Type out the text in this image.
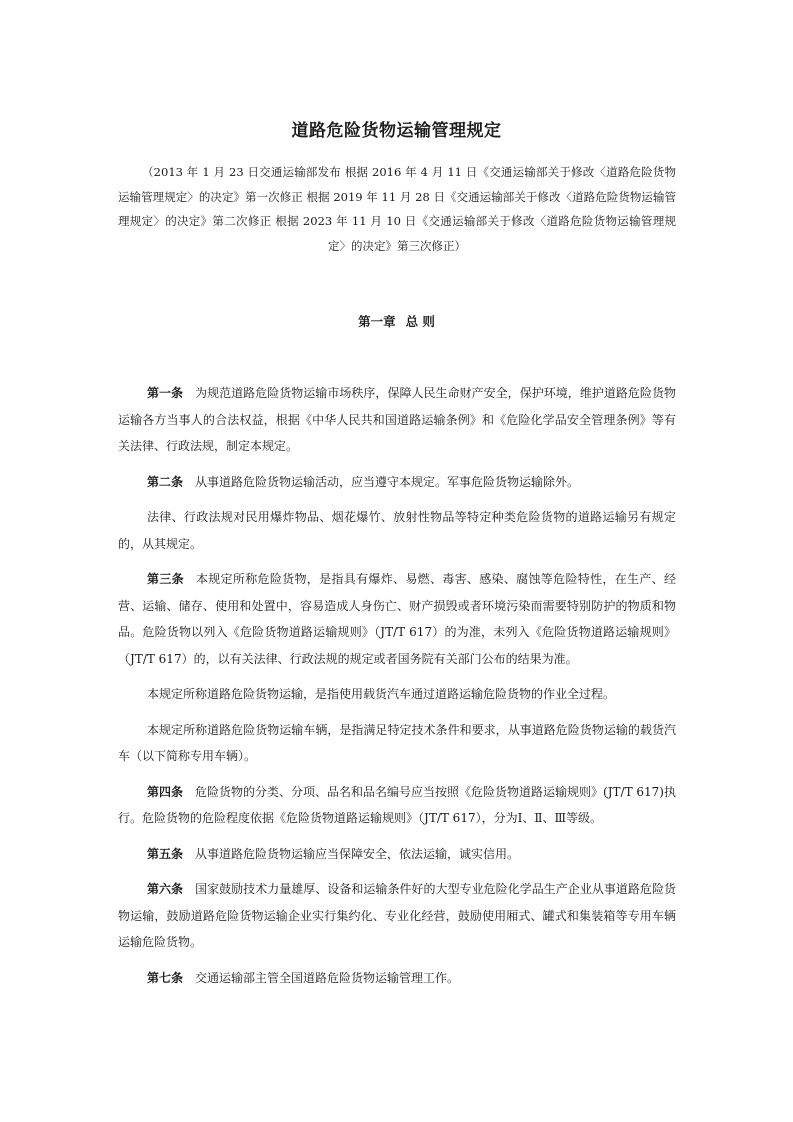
道路危险货物运输管理规定
（2013 年 1 月 23 日交通运输部发布 根据 2016 年 4 月 11 日《交通运输部关于修改〈道路危险货物运输管理规定〉的决定》第一次修正 根据 2019 年 11 月 28 日《交通运输部关于修改〈道路危险货物运输管理规定〉的决定》第二次修正 根据 2023 年 11 月 10 日《交通运输部关于修改〈道路危险货物运输管理规定〉的决定》第三次修正）
第一章 总 则

第一条 为规范道路危险货物运输市场秩序，保障人民生命财产安全，保护环境，维护道路危险货物运输各方当事人的合法权益，根据《中华人民共和国道路运输条例》和《危险化学品安全管理条例》等有关法律、行政法规，制定本规定。

第二条 从事道路危险货物运输活动，应当遵守本规定。军事危险货物运输除外。

法律、行政法规对民用爆炸物品、烟花爆竹、放射性物品等特定种类危险货物的道路运输另有规定的，从其规定。

第三条 本规定所称危险货物，是指具有爆炸、易燃、毒害、感染、腐蚀等危险特性，在生产、经营、运输、储存、使用和处置中，容易造成人身伤亡、财产损毁或者环境污染而需要特别防护的物质和物品。危险货物以列入《危险货物道路运输规则》（JT/T 617）的为准，未列入《危险货物道路运输规则》（JT/T 617）的，以有关法律、行政法规的规定或者国务院有关部门公布的结果为准。

本规定所称道路危险货物运输，是指使用载货汽车通过道路运输危险货物的作业全过程。

本规定所称道路危险货物运输车辆，是指满足特定技术条件和要求，从事道路危险货物运输的载货汽车（以下简称专用车辆）。

第四条 危险货物的分类、分项、品名和品名编号应当按照《危险货物道路运输规则》(JT/T 617)执行。危险货物的危险程度依据《危险货物道路运输规则》（JT/T 617），分为Ⅰ、Ⅱ、Ⅲ等级。

第五条 从事道路危险货物运输应当保障安全，依法运输，诚实信用。

第六条 国家鼓励技术力量雄厚、设备和运输条件好的大型专业危险化学品生产企业从事道路危险货物运输，鼓励道路危险货物运输企业实行集约化、专业化经营，鼓励使用厢式、罐式和集装箱等专用车辆运输危险货物。

第七条 交通运输部主管全国道路危险货物运输管理工作。
